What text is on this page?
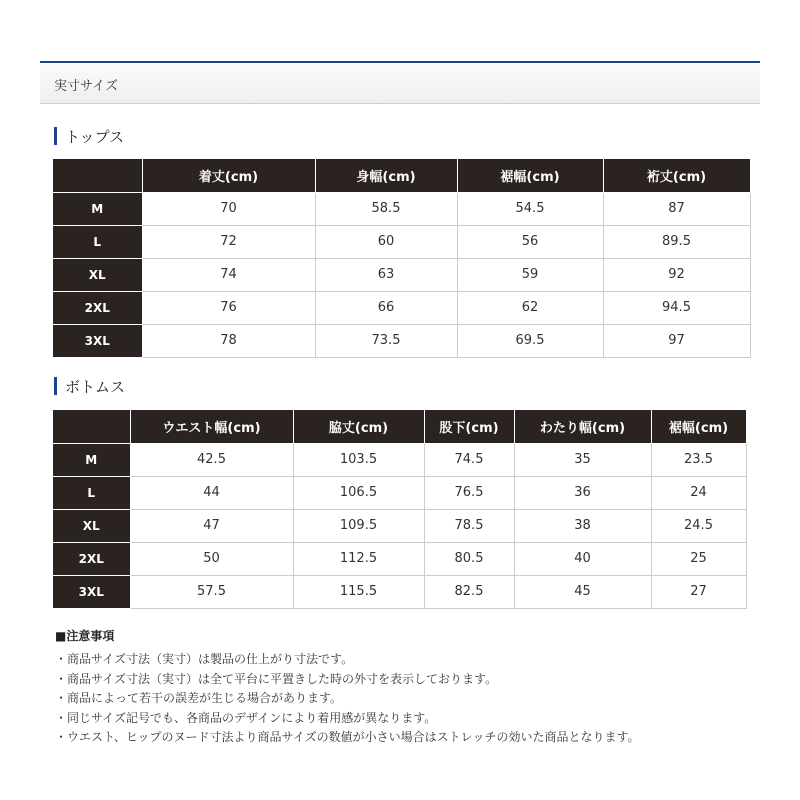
実寸サイズ
トップス
	着丈(cm)	身幅(cm)	裾幅(cm)	裄丈(cm)
M	70	58.5	54.5	87
L	72	60	56	89.5
XL	74	63	59	92
2XL	76	66	62	94.5
3XL	78	73.5	69.5	97
ボトムス
	ウエスト幅(cm)	脇丈(cm)	股下(cm)	わたり幅(cm)	裾幅(cm)
M	42.5	103.5	74.5	35	23.5
L	44	106.5	76.5	36	24
XL	47	109.5	78.5	38	24.5
2XL	50	112.5	80.5	40	25
3XL	57.5	115.5	82.5	45	27
■注意事項
・商品サイズ寸法（実寸）は製品の仕上がり寸法です。
・商品サイズ寸法（実寸）は全て平台に平置きした時の外寸を表示しております。
・商品によって若干の誤差が生じる場合があります。
・同じサイズ記号でも、各商品のデザインにより着用感が異なります。
・ウエスト、ヒップのヌード寸法より商品サイズの数値が小さい場合はストレッチの効いた商品となります。
